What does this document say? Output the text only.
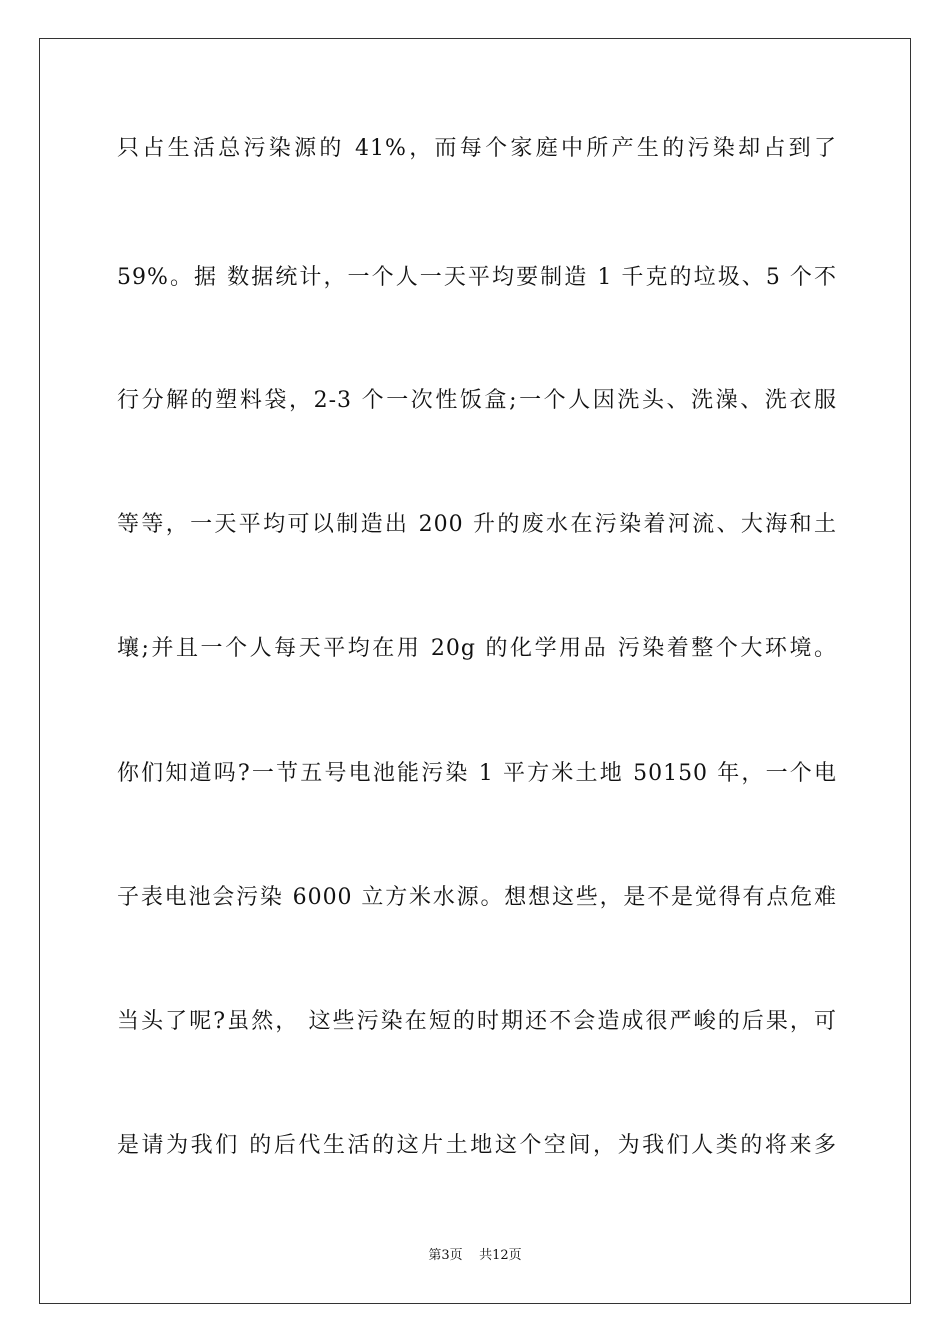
只占生活总污染源的 41%，而每个家庭中所产生的污染却占到了
59%。据 数据统计，一个人一天平均要制造 1 千克的垃圾、5 个不
行分解的塑料袋，2-3 个一次性饭盒;一个人因洗头、洗澡、洗衣服
等等，一天平均可以制造出 200 升的废水在污染着河流、大海和土
壤;并且一个人每天平均在用 20g 的化学用品 污染着整个大环境。
你们知道吗?一节五号电池能污染 1 平方米土地 50150 年，一个电
子表电池会污染 6000 立方米水源。想想这些，是不是觉得有点危难
当头了呢?虽然， 这些污染在短的时期还不会造成很严峻的后果，可
是请为我们 的后代生活的这片土地这个空间，为我们人类的将来多
第3页 共12页
